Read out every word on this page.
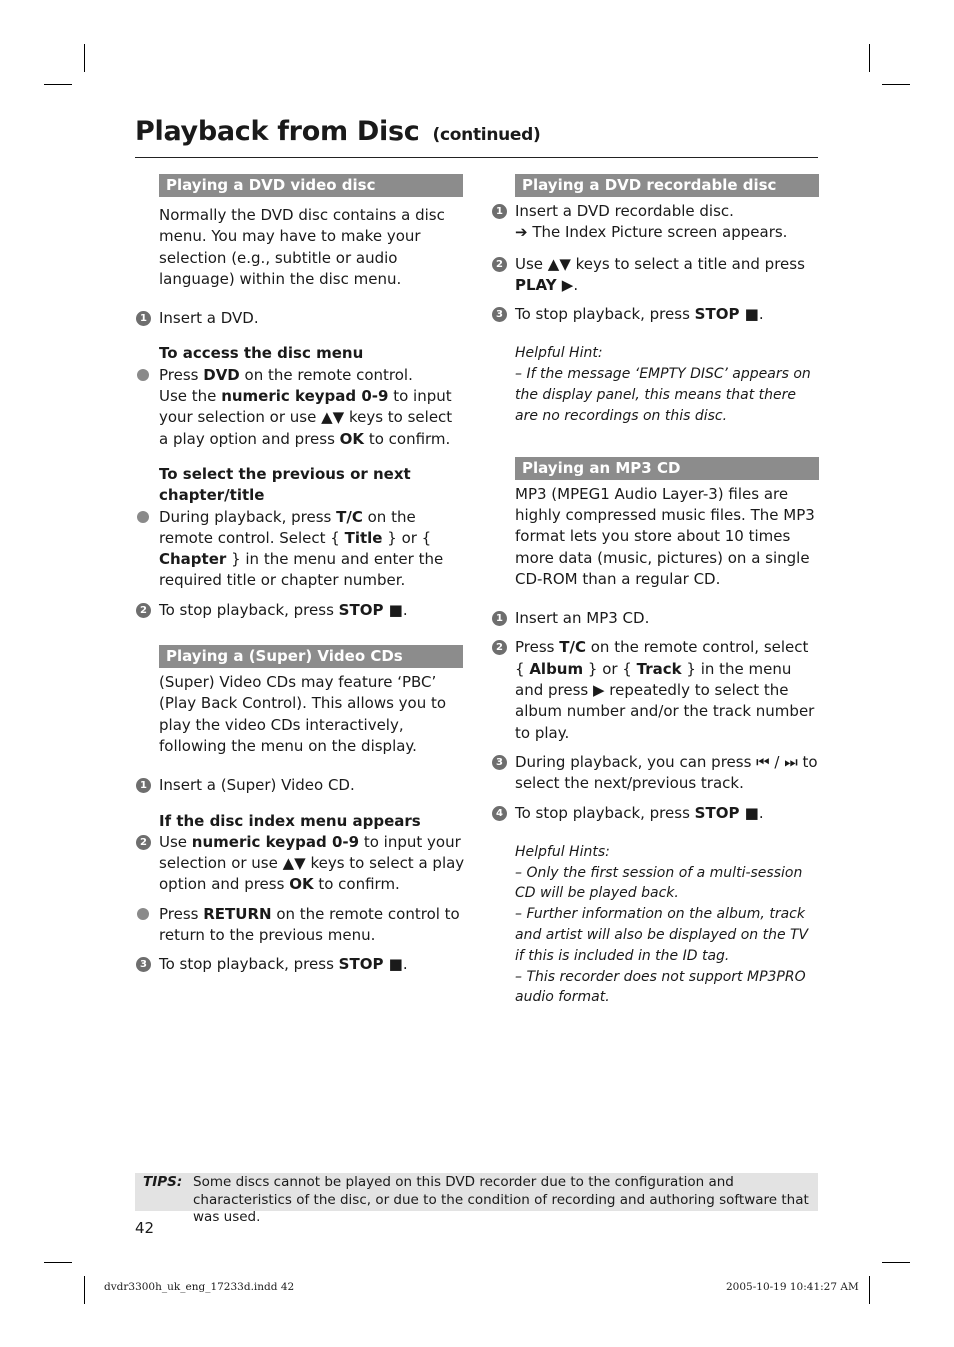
Playback from Disc (continued)
Playing a DVD video disc
Normally the DVD disc contains a disc menu. You may have to make your selection (e.g., subtitle or audio language) within the disc menu.
1 Insert a DVD.
To access the disc menu
Press DVD on the remote control.
Use the numeric keypad 0-9 to input your selection or use ▲▼ keys to select a play option and press OK to confirm.
To select the previous or next chapter/title
During playback, press T/C on the remote control. Select { Title } or { Chapter } in the menu and enter the required title or chapter number.
2 To stop playback, press STOP ■.
Playing a (Super) Video CDs
(Super) Video CDs may feature ‘PBC’ (Play Back Control). This allows you to play the video CDs interactively, following the menu on the display.
1 Insert a (Super) Video CD.
If the disc index menu appears
2 Use numeric keypad 0-9 to input your selection or use ▲▼ keys to select a play option and press OK to confirm.
Press RETURN on the remote control to return to the previous menu.
3 To stop playback, press STOP ■.
Playing a DVD recordable disc
1 Insert a DVD recordable disc.
➔ The Index Picture screen appears.
2 Use ▲▼ keys to select a title and press PLAY ▶.
3 To stop playback, press STOP ■.
Helpful Hint:
– If the message ‘EMPTY DISC’ appears on the display panel, this means that there are no recordings on this disc.
Playing an MP3 CD
MP3 (MPEG1 Audio Layer-3) files are highly compressed music files. The MP3 format lets you store about 10 times more data (music, pictures) on a single CD-ROM than a regular CD.
1 Insert an MP3 CD.
2 Press T/C on the remote control, select { Album } or { Track } in the menu and press ▶ repeatedly to select the album number and/or the track number to play.
3 During playback, you can press ⏮ / ⏭ to select the next/previous track.
4 To stop playback, press STOP ■.
Helpful Hints:
– Only the first session of a multi-session CD will be played back.
– Further information on the album, track and artist will also be displayed on the TV if this is included in the ID tag.
– This recorder does not support MP3PRO audio format.
TIPS: Some discs cannot be played on this DVD recorder due to the configuration and characteristics of the disc, or due to the condition of recording and authoring software that was used.
42
dvdr3300h_uk_eng_17233d.indd 42	2005-10-19 10:41:27 AM
